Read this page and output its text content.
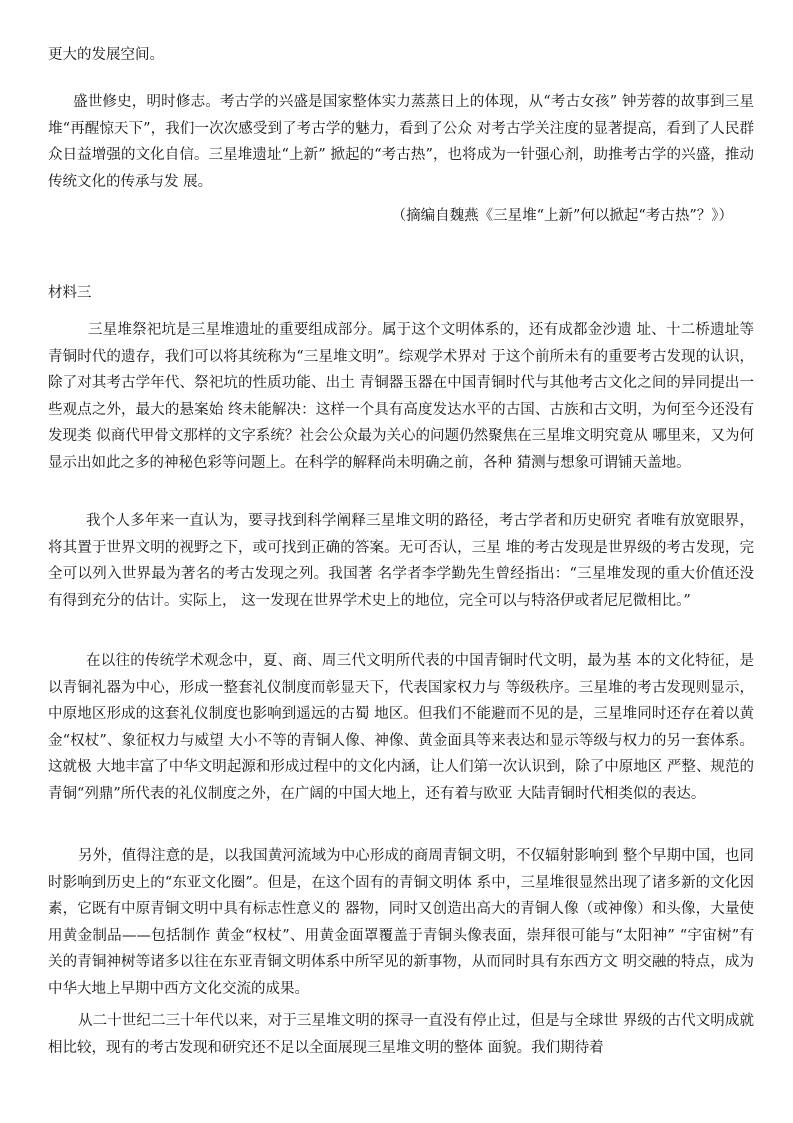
更大的发展空间。

盛世修史，明时修志。考古学的兴盛是国家整体实力蒸蒸日上的体现，从“考古女孩” 钟芳蓉的故事到三星堆“再醒惊天下”，我们一次次感受到了考古学的魅力，看到了公众 对考古学关注度的显著提高，看到了人民群众日益增强的文化自信。三星堆遗址“上新” 掀起的“考古热”，也将成为一针强心剂，助推考古学的兴盛，推动传统文化的传承与发 展。

（摘编自魏燕《三星堆“上新”何以掀起“考古热”？》）

材料三

三星堆祭祀坑是三星堆遗址的重要组成部分。属于这个文明体系的，还有成都金沙遗 址、十二桥遗址等青铜时代的遗存，我们可以将其统称为“三星堆文明”。综观学术界对 于这个前所未有的重要考古发现的认识，除了对其考古学年代、祭祀坑的性质功能、出土 青铜器玉器在中国青铜时代与其他考古文化之间的异同提出一些观点之外，最大的悬案始 终未能解决：这样一个具有高度发达水平的古国、古族和古文明，为何至今还没有发现类 似商代甲骨文那样的文字系统？社会公众最为关心的问题仍然聚焦在三星堆文明究竟从 哪里来，又为何显示出如此之多的神秘色彩等问题上。在科学的解释尚未明确之前，各种 猜测与想象可谓铺天盖地。

我个人多年来一直认为，要寻找到科学阐释三星堆文明的路径，考古学者和历史研究 者唯有放宽眼界，将其置于世界文明的视野之下，或可找到正确的答案。无可否认，三星 堆的考古发现是世界级的考古发现，完全可以列入世界最为著名的考古发现之列。我国著 名学者李学勤先生曾经指出：“三星堆发现的重大价值还没有得到充分的估计。实际上， 这一发现在世界学术史上的地位，完全可以与特洛伊或者尼尼微相比。”

在以往的传统学术观念中，夏、商、周三代文明所代表的中国青铜时代文明，最为基 本的文化特征，是以青铜礼器为中心，形成一整套礼仪制度而彰显天下，代表国家权力与 等级秩序。三星堆的考古发现则显示，中原地区形成的这套礼仪制度也影响到遥远的古蜀 地区。但我们不能避而不见的是，三星堆同时还存在着以黄金“权杖”、象征权力与威望 大小不等的青铜人像、神像、黄金面具等来表达和显示等级与权力的另一套体系。这就极 大地丰富了中华文明起源和形成过程中的文化内涵，让人们第一次认识到，除了中原地区 严整、规范的青铜“列鼎”所代表的礼仪制度之外，在广阔的中国大地上，还有着与欧亚 大陆青铜时代相类似的表达。

另外，值得注意的是，以我国黄河流域为中心形成的商周青铜文明，不仅辐射影响到 整个早期中国，也同时影响到历史上的“东亚文化圈”。但是，在这个固有的青铜文明体 系中，三星堆很显然出现了诸多新的文化因素，它既有中原青铜文明中具有标志性意义的 器物，同时又创造出高大的青铜人像（或神像）和头像，大量使用黄金制品——包括制作 黄金“权杖”、用黄金面罩覆盖于青铜头像表面，崇拜很可能与“太阳神” “宇宙树”有 关的青铜神树等诸多以往在东亚青铜文明体系中所罕见的新事物，从而同时具有东西方文 明交融的特点，成为中华大地上早期中西方文化交流的成果。

从二十世纪二三十年代以来，对于三星堆文明的探寻一直没有停止过，但是与全球世 界级的古代文明成就相比较，现有的考古发现和研究还不足以全面展现三星堆文明的整体 面貌。我们期待着
